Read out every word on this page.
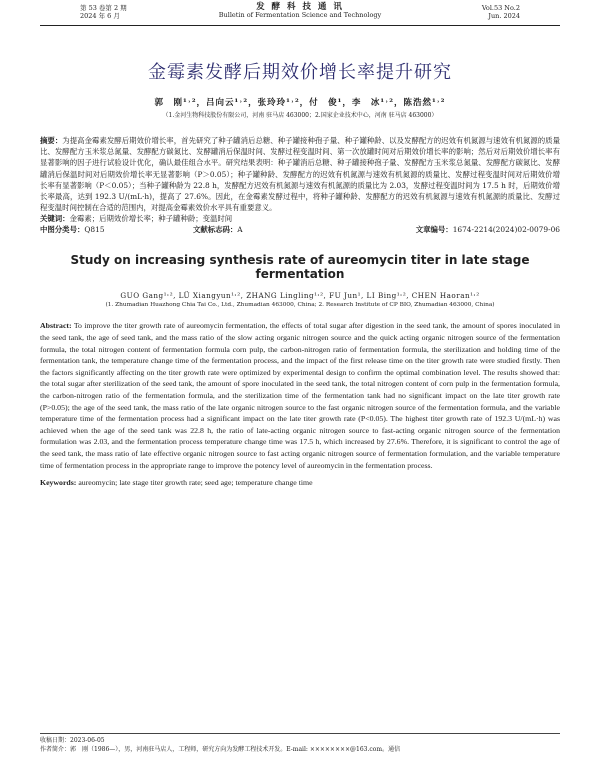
第 53 卷第 2 期
2024 年 6 月
发 酵 科 技 通 讯
Bulletin of Fermentation Science and Technology
Vol.53 No.2
Jun. 2024
金霉素发酵后期效价增长率提升研究
郭　刚¹˒²，吕向云¹˒²，张玲玲¹˒²，付　俊¹，李　冰¹˒²，陈浩然¹˒²
（1.金河生物科技股份有限公司，河南 驻马店 463000；2.国家企业技术中心，河南 驻马店 463000）
摘要：为提高金霉素发酵后期效价增长率，首先研究了种子罐消后总糖、种子罐接种孢子量、种子罐种龄、以及发酵配方的迟效有机氮源与速效有机氮源的质量比、发酵配方玉米浆总氮量、发酵配方碳氮比、发酵罐消后保温时间、发酵过程变温时间、第一次放罐时间对后期效价增长率的影响；然后对后期效价增长率有显著影响的因子进行试验设计优化，确认最佳组合水平。研究结果表明：种子罐消后总糖、种子罐接种孢子量、发酵配方玉米浆总氮量、发酵配方碳氮比、发酵罐消后保温时间对后期效价增长率无显著影响（P＞0.05）；种子罐种龄、发酵配方的迟效有机氮源与速效有机氮源的质量比、发酵过程变温时间对后期效价增长率有显著影响（P＜0.05）；当种子罐种龄为 22.8 h，发酵配方迟效有机氮源与速效有机氮源的质量比为 2.03，发酵过程变温时间为 17.5 h 时，后期效价增长率最高，达到 192.3 U/(mL·h)，提高了 27.6%。因此，在金霉素发酵过程中，将种子罐种龄、发酵配方的迟效有机氮源与速效有机氮源的质量比、发酵过程变温时间控制在合适的范围内，对提高金霉素效价水平具有重要意义。
关键词：金霉素；后期效价增长率；种子罐种龄；变温时间
中图分类号：Q815	文献标志码：A	文章编号：1674-2214(2024)02-0079-06
Study on increasing synthesis rate of aureomycin titer in late stage fermentation
GUO Gang¹˒², LÜ Xiangyun¹˒², ZHANG Lingling¹˒², FU Jun¹, LI Bing¹˒², CHEN Haoran¹˒²
(1. Zhumadian Huazhong Chia Tai Co., Ltd., Zhumadian 463000, China; 2. Research Institute of CP BIO, Zhumadian 463000, China)
Abstract: To improve the titer growth rate of aureomycin fermentation, the effects of total sugar after digestion in the seed tank, the amount of spores inoculated in the seed tank, the age of seed tank, and the mass ratio of the slow acting organic nitrogen source and the quick acting organic nitrogen source of the fermentation formula, the total nitrogen content of fermentation formula corn pulp, the carbon-nitrogen ratio of fermentation formula, the sterilization and holding time of the fermentation tank, the temperature change time of the fermentation process, and the impact of the first release time on the titer growth rate were studied firstly. Then the factors significantly affecting on the titer growth rate were optimized by experimental design to confirm the optimal combination level. The results showed that: the total sugar after sterilization of the seed tank, the amount of spore inoculated in the seed tank, the total nitrogen content of corn pulp in the fermentation formula, the carbon-nitrogen ratio of the fermentation formula, and the sterilization time of the fermentation tank had no significant impact on the late titer growth rate (P>0.05); the age of the seed tank, the mass ratio of the late organic nitrogen source to the fast organic nitrogen source of the fermentation formula, and the variable temperature time of the fermentation process had a significant impact on the late titer growth rate (P<0.05). The highest titer growth rate of 192.3 U/(mL·h) was achieved when the age of the seed tank was 22.8 h, the ratio of late-acting organic nitrogen source to fast-acting organic nitrogen source of the fermentation formulation was 2.03, and the fermentation process temperature change time was 17.5 h, which increased by 27.6%. Therefore, it is significant to control the age of the seed tank, the mass ratio of late effective organic nitrogen source to fast acting organic nitrogen source of fermentation formulation, and the variable temperature time of fermentation process in the appropriate range to improve the potency level of aureomycin in the fermentation process.
Keywords: aureomycin; late stage titer growth rate; seed age; temperature change time
收稿日期：2023-06-05
作者简介：郭　刚（1986—），男，河南驻马店人，工程师，研究方向为发酵工程技术开发。E-mail: ××××××××@163.com。通信
